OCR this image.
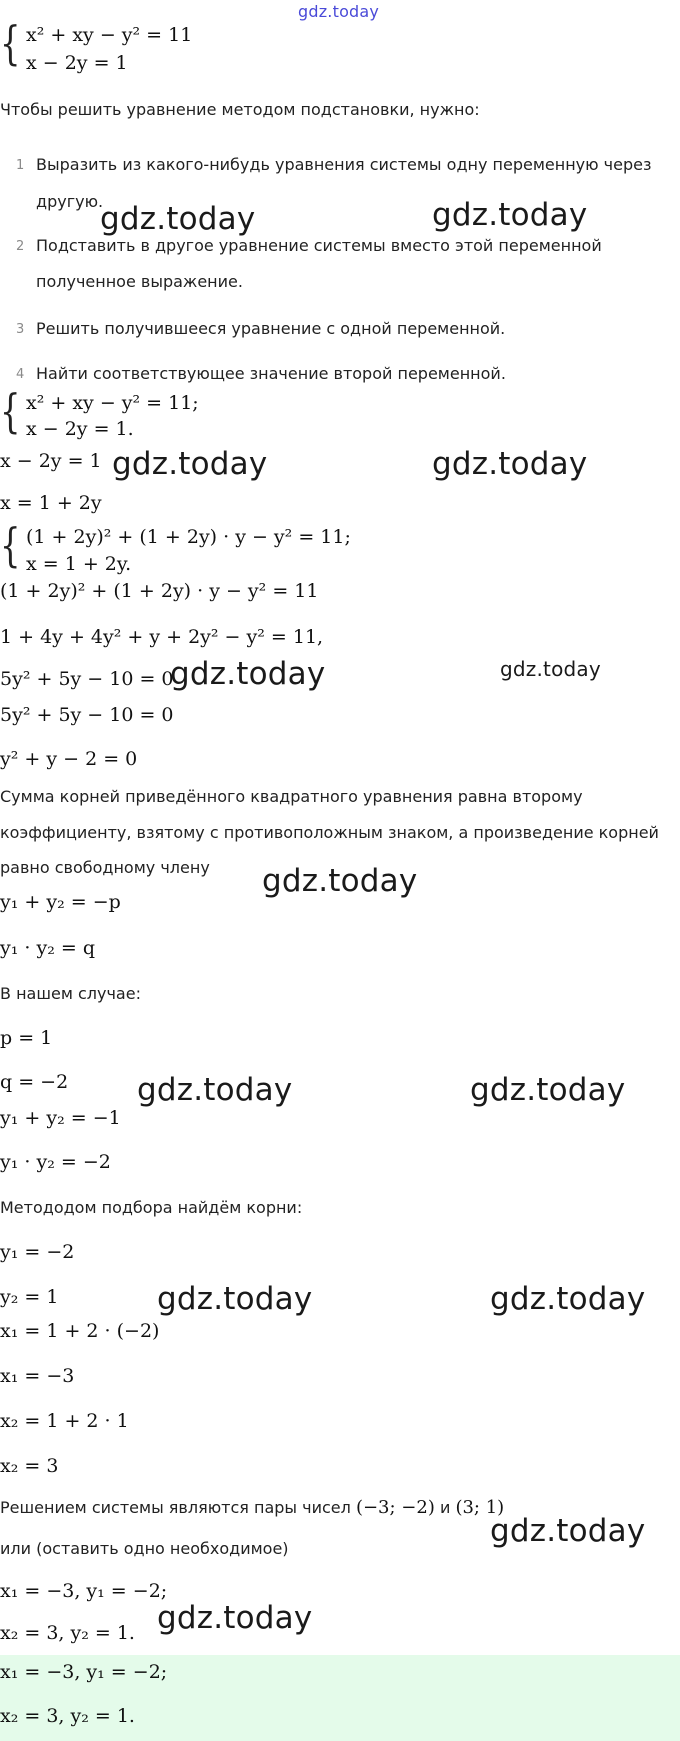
gdz.today
{ x² + xy − y² = 11
x − 2y = 1
Чтобы решить уравнение методом подстановки, нужно:
1 Выразить из какого-нибудь уравнения системы одну переменную через
другую.
2 Подставить в другое уравнение системы вместо этой переменной
полученное выражение.
3 Решить получившееся уравнение с одной переменной.
4 Найти соответствующее значение второй переменной.
{ x² + xy − y² = 11;
x − 2y = 1.
x − 2y = 1
x = 1 + 2y
{ (1 + 2y)² + (1 + 2y) · y − y² = 11;
x = 1 + 2y.
(1 + 2y)² + (1 + 2y) · y − y² = 11
1 + 4y + 4y² + y + 2y² − y² = 11,
5y² + 5y − 10 = 0
5y² + 5y − 10 = 0
y² + y − 2 = 0
Сумма корней приведённого квадратного уравнения равна второму
коэффициенту, взятому с противоположным знаком, а произведение корней
равно свободному члену
y₁ + y₂ = −p
y₁ · y₂ = q
В нашем случае:
p = 1
q = −2
y₁ + y₂ = −1
y₁ · y₂ = −2
Метододом подбора найдём корни:
y₁ = −2
y₂ = 1
x₁ = 1 + 2 · (−2)
x₁ = −3
x₂ = 1 + 2 · 1
x₂ = 3
Решением системы являются пары чисел (−3; −2) и (3; 1)
или (оставить одно необходимое)
x₁ = −3, y₁ = −2;
x₂ = 3, y₂ = 1.
x₁ = −3, y₁ = −2;
x₂ = 3, y₂ = 1.
gdz.today	gdz.today
gdz.today	gdz.today
gdz.today	gdz.today
gdz.today
gdz.today	gdz.today
gdz.today	gdz.today
gdz.today
gdz.today
